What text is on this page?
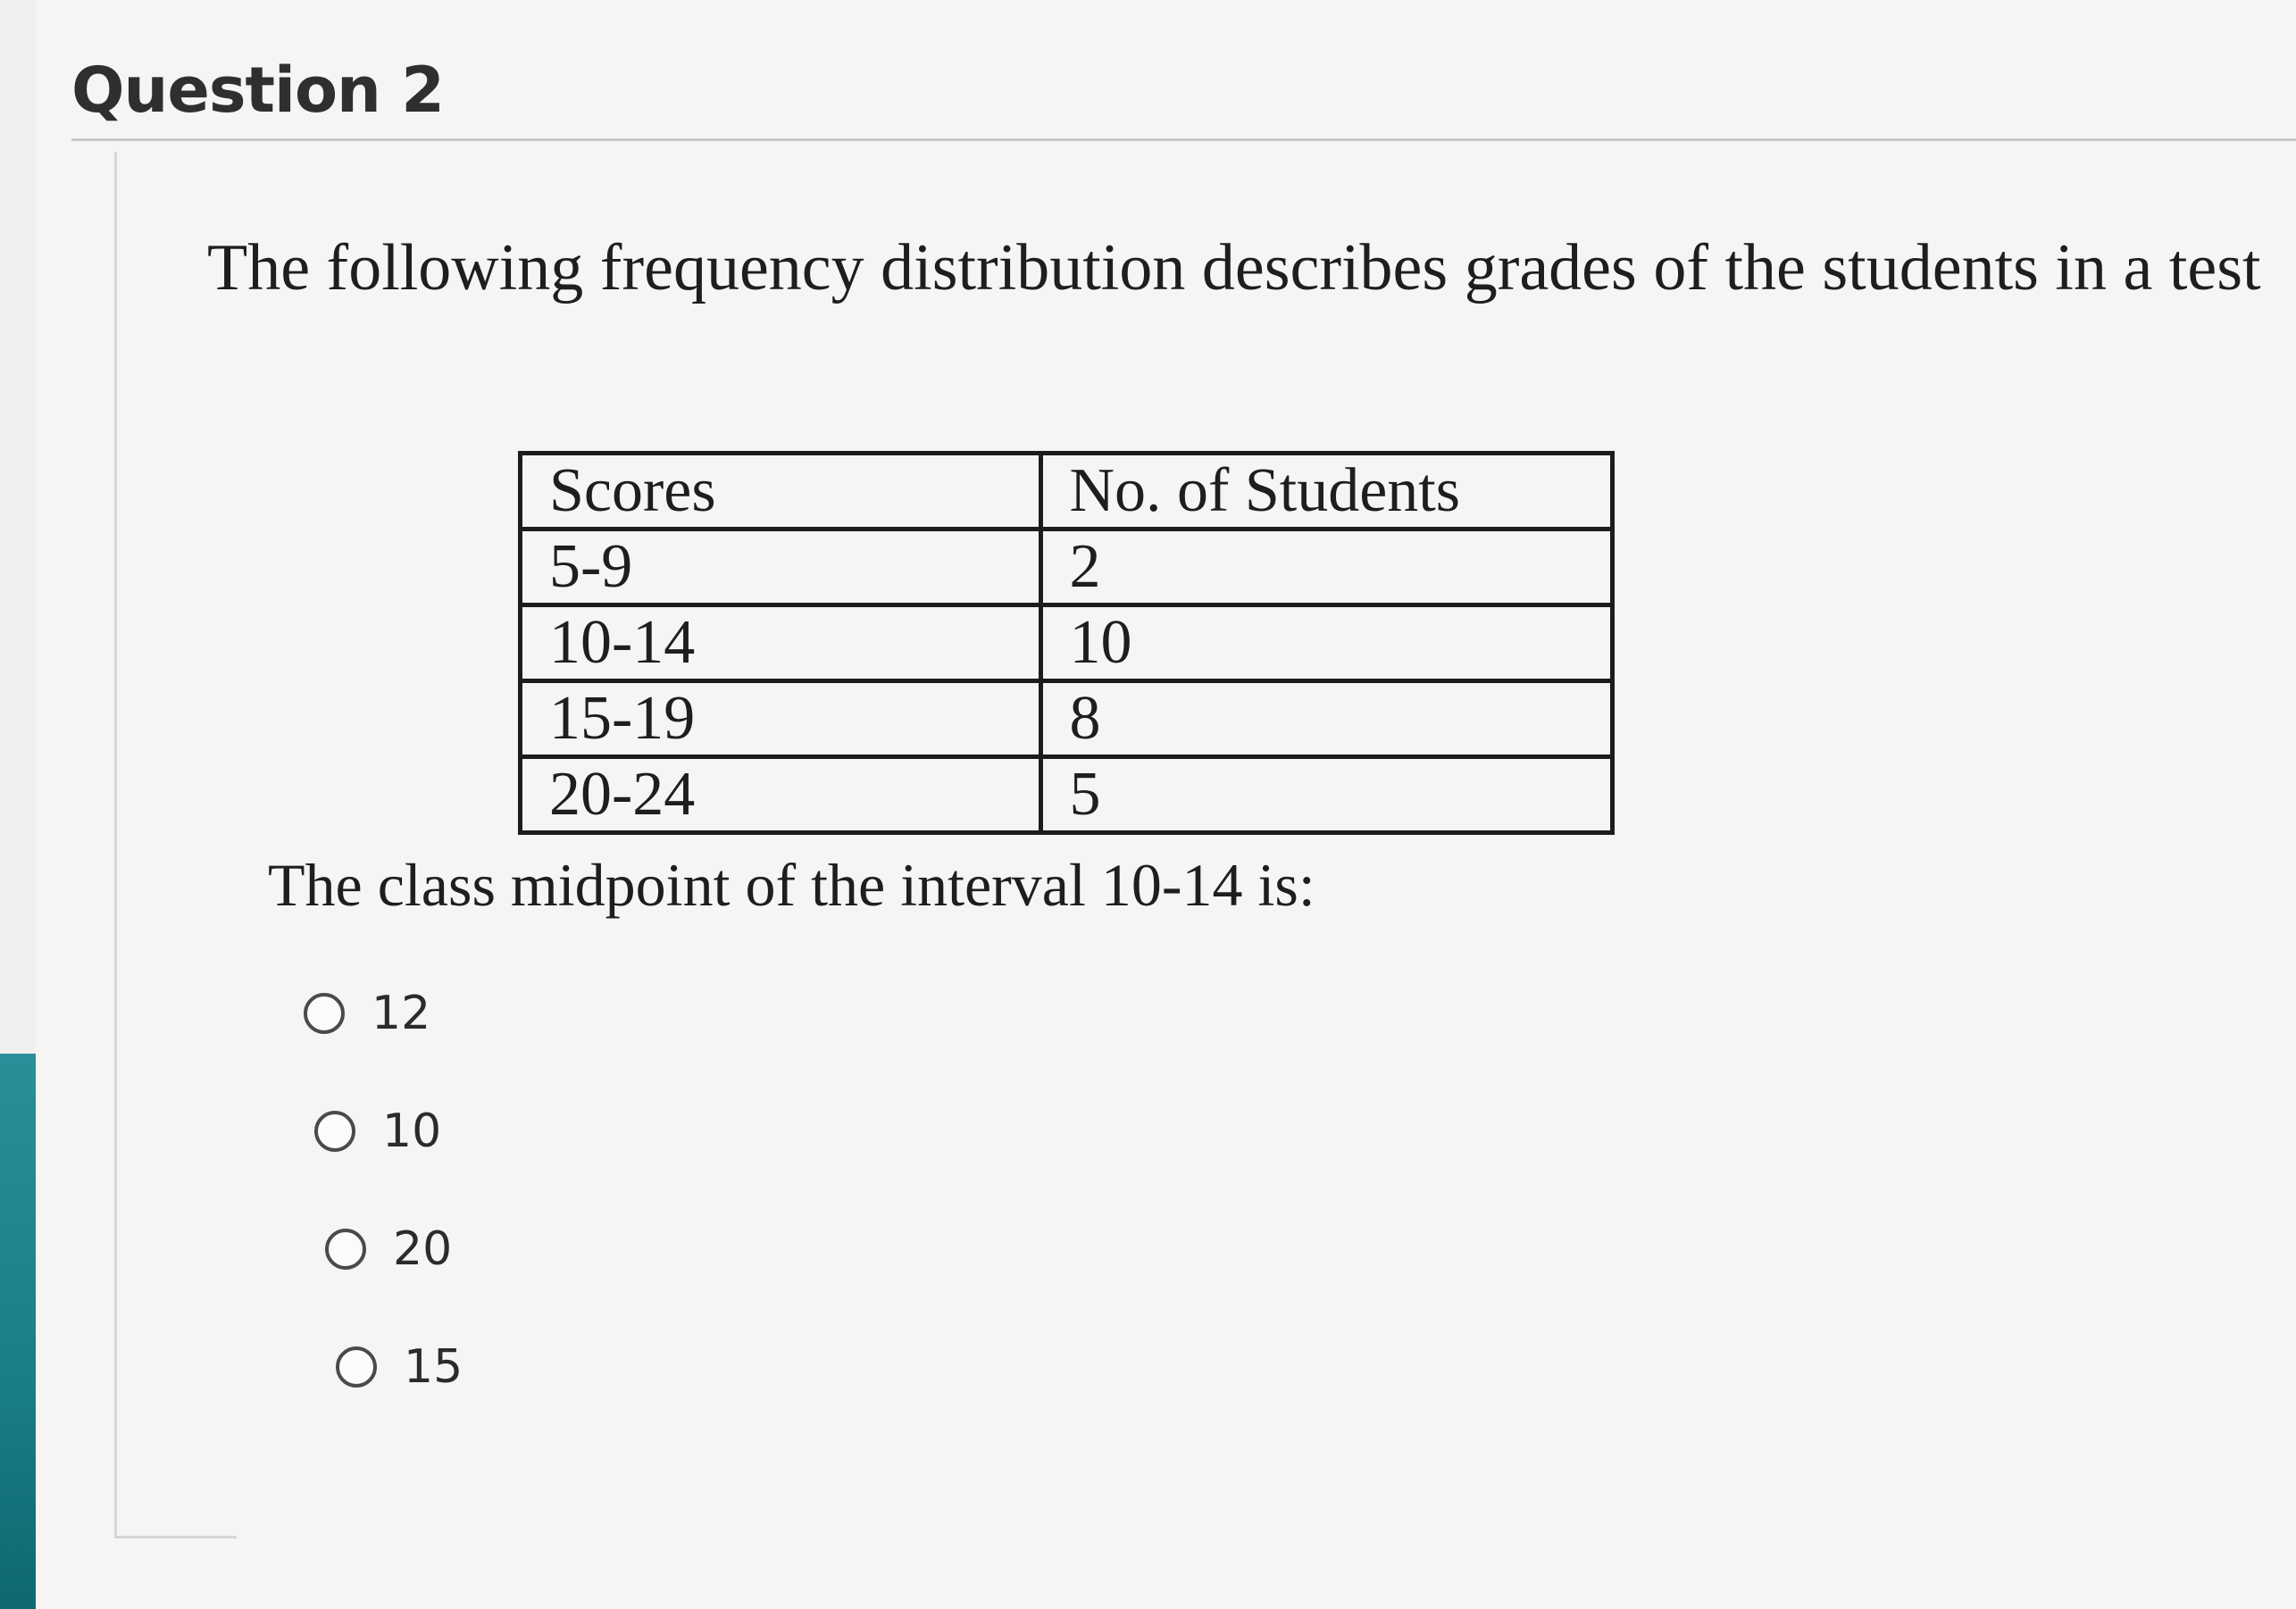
Question 2

The following frequency distribution describes grades of the students in a test

Scores	No. of Students
5-9	2
10-14	10
15-19	8
20-24	5

The class midpoint of the interval 10-14 is:

12
10
20
15
